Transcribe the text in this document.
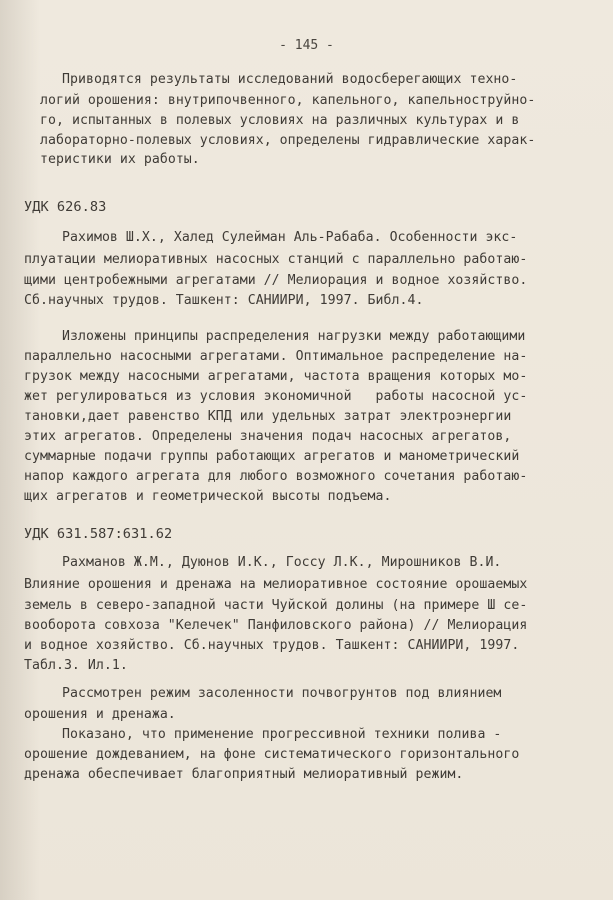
- 145 -
Приводятся результаты исследований водосберегающих техно-
логий орошения: внутрипочвенного, капельного, капельноструйно-
го, испытанных в полевых условиях на различных культурах и в
лабораторно-полевых условиях, определены гидравлические харак-
теристики их работы.
УДК 626.83
Рахимов Ш.Х., Халед Сулейман Аль-Рабаба. Особенности экс-
плуатации мелиоративных насосных станций с параллельно работаю-
щими центробежными агрегатами // Мелиорация и водное хозяйство.
Сб.научных трудов. Ташкент: САНИИРИ, 1997. Библ.4.
Изложены принципы распределения нагрузки между работающими
параллельно насосными агрегатами. Оптимальное распределение на-
грузок между насосными агрегатами, частота вращения которых мо-
жет регулироваться из условия экономичной   работы насосной ус-
тановки,дает равенство КПД или удельных затрат электроэнергии
этих агрегатов. Определены значения подач насосных агрегатов,
суммарные подачи группы работающих агрегатов и манометрический
напор каждого агрегата для любого возможного сочетания работаю-
щих агрегатов и геометрической высоты подъема.
УДК 631.587:631.62
Рахманов Ж.М., Дуюнов И.К., Госсу Л.К., Мирошников В.И.
Влияние орошения и дренажа на мелиоративное состояние орошаемых
земель в северо-западной части Чуйской долины (на примере Ш се-
вооборота совхоза "Келечек" Панфиловского района) // Мелиорация
и водное хозяйство. Сб.научных трудов. Ташкент: САНИИРИ, 1997.
Табл.3. Ил.1.
Рассмотрен режим засоленности почвогрунтов под влиянием
орошения и дренажа.
Показано, что применение прогрессивной техники полива -
орошение дождеванием, на фоне систематического горизонтального
дренажа обеспечивает благоприятный мелиоративный режим.
